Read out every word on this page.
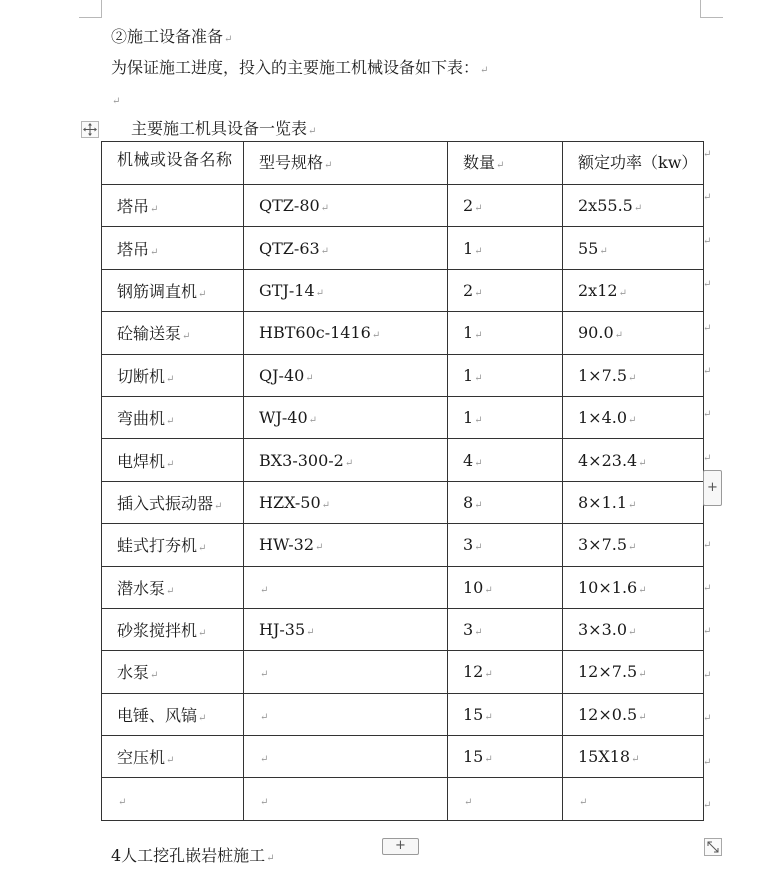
②施工设备准备↵
为保证施工进度，投入的主要施工机械设备如下表：↵
↵
主要施工机具设备一览表↵
机械或设备名称	型号规格↵	数量↵	额定功率（kw）
塔吊↵	QTZ-80↵	2↵	2x55.5↵
塔吊↵	QTZ-63↵	1↵	55↵
钢筋调直机↵	GTJ-14↵	2↵	2x12↵
砼输送泵↵	HBT60c-1416↵	1↵	90.0↵
切断机↵	QJ-40↵	1↵	1×7.5↵
弯曲机↵	WJ-40↵	1↵	1×4.0↵
电焊机↵	BX3-300-2↵	4↵	4×23.4↵
插入式振动器↵	HZX-50↵	8↵	8×1.1↵
蛙式打夯机↵	HW-32↵	3↵	3×7.5↵
潜水泵↵	↵	10↵	10×1.6↵
砂浆搅拌机↵	HJ-35↵	3↵	3×3.0↵
水泵↵	↵	12↵	12×7.5↵
电锤、风镐↵	↵	15↵	12×0.5↵
空压机↵	↵	15↵	15X18↵
↵	↵	↵	↵
↵
↵
↵
↵
↵
↵
↵
↵
↵
↵
↵
↵
↵
↵
↵
+
+
4人工挖孔嵌岩桩施工↵
